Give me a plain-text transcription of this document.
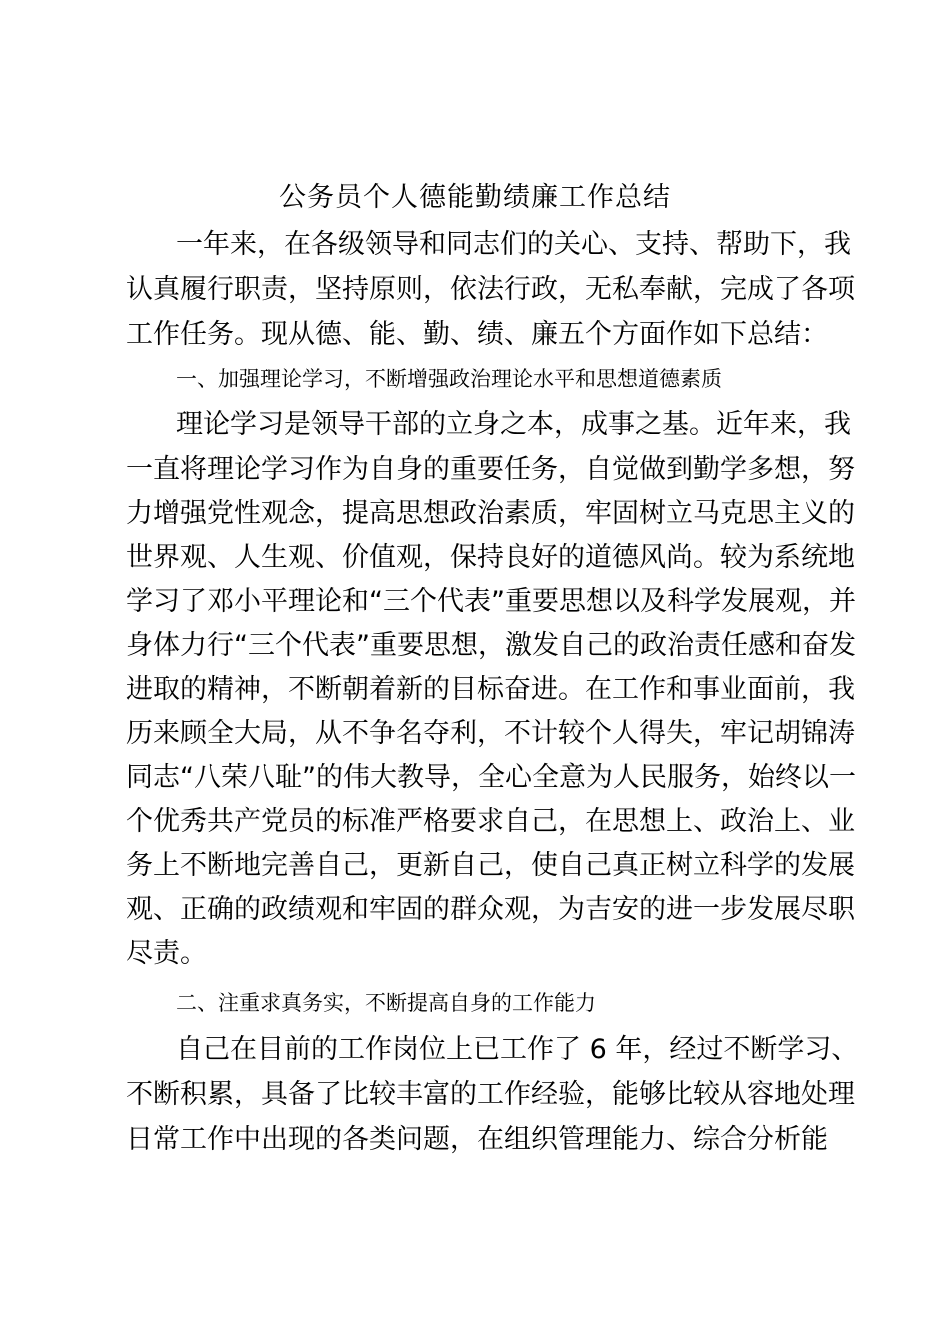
公务员个人德能勤绩廉工作总结
一年来，在各级领导和同志们的关心、支持、帮助下，我
认真履行职责，坚持原则，依法行政，无私奉献，完成了各项
工作任务。现从德、能、勤、绩、廉五个方面作如下总结：
一、加强理论学习，不断增强政治理论水平和思想道德素质
理论学习是领导干部的立身之本，成事之基。近年来，我
一直将理论学习作为自身的重要任务，自觉做到勤学多想，努
力增强党性观念，提高思想政治素质，牢固树立马克思主义的
世界观、人生观、价值观，保持良好的道德风尚。较为系统地
学习了邓小平理论和“三个代表”重要思想以及科学发展观，并
身体力行“三个代表”重要思想，激发自己的政治责任感和奋发
进取的精神，不断朝着新的目标奋进。在工作和事业面前，我
历来顾全大局，从不争名夺利，不计较个人得失，牢记胡锦涛
同志“八荣八耻”的伟大教导，全心全意为人民服务，始终以一
个优秀共产党员的标准严格要求自己，在思想上、政治上、业
务上不断地完善自己，更新自己，使自己真正树立科学的发展
观、正确的政绩观和牢固的群众观，为吉安的进一步发展尽职
尽责。
二、注重求真务实，不断提高自身的工作能力
自己在目前的工作岗位上已工作了 6 年，经过不断学习、
不断积累，具备了比较丰富的工作经验，能够比较从容地处理
日常工作中出现的各类问题，在组织管理能力、综合分析能
